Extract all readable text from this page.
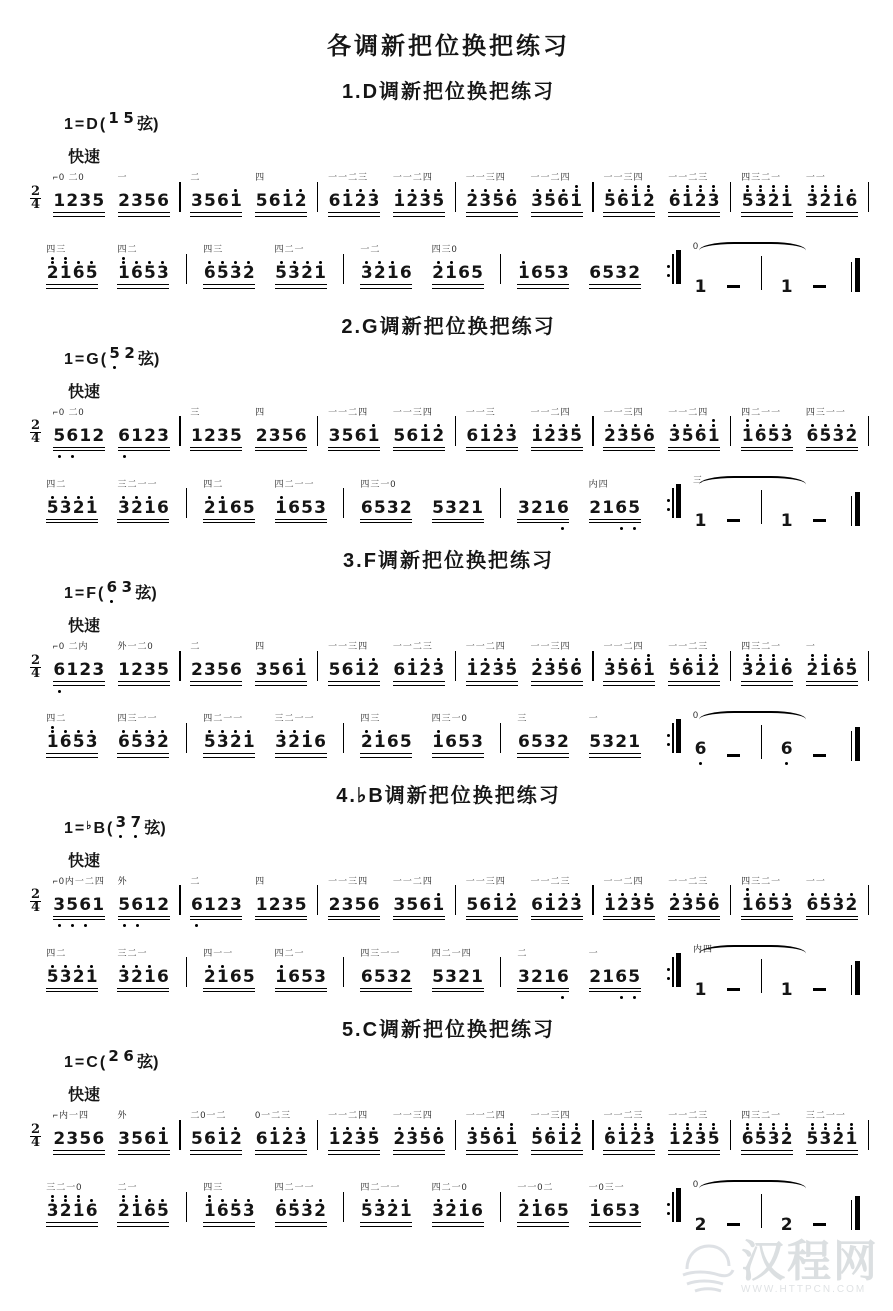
各调新把位换把练习
1.D调新把位换把练习
1 = D ( 1 5 弦)
快速
2
4
⌐0 二0
1 2 3 5
一
2 3 5 6
二
3 5 6 1
四
5 6 1 2
一一二三
6 1 2 3
一一二四
1 2 3 5
一一三四
2 3 5 6
一一二四
3 5 6 1
一一三四
5 6 1 2
一一二三
6 1 2 3
四三二一
5 3 2 1
一一
3 2 1 6
四三
2 1 6 5
四二
1 6 5 3
四三
6 5 3 2
四二一
5 3 2 1
一二
3 2 1 6
四三0
2 1 6 5
1 6 5 3
6 5 3 2
0
1	1
2.G调新把位换把练习
1 = G ( 5 2 弦)
快速
2
4
⌐0 二0
5 6 1 2
6 1 2 3
三
1 2 3 5
四
2 3 5 6
一一二四
3 5 6 1
一一三四
5 6 1 2
一一三
6 1 2 3
一一二四
1 2 3 5
一一三四
2 3 5 6
一一二四
3 5 6 1
四二一一
1 6 5 3
四三一一
6 5 3 2
四二
5 3 2 1
三二一一
3 2 1 6
四二
2 1 6 5
四二一一
1 6 5 3
四三一0
6 5 3 2
5 3 2 1
3 2 1 6
内四
2 1 6 5
三
1	1
3.F调新把位换把练习
1 = F ( 6 3 弦)
快速
2
4
⌐0 二内
6 1 2 3
外一二0
1 2 3 5
二
2 3 5 6
四
3 5 6 1
一一三四
5 6 1 2
一一二三
6 1 2 3
一一二四
1 2 3 5
一一三四
2 3 5 6
一一二四
3 5 6 1
一一二三
5 6 1 2
四三二一
3 2 1 6
一
2 1 6 5
四二
1 6 5 3
四三一一
6 5 3 2
四二一一
5 3 2 1
三二一一
3 2 1 6
四三
2 1 6 5
四三一0
1 6 5 3
三
6 5 3 2
一
5 3 2 1
0
6	6
4.♭B调新把位换把练习
1 = ♭ B ( 3 7 弦)
快速
2
4
⌐0内一二四
3 5 6 1
外
5 6 1 2
二
6 1 2 3
四
1 2 3 5
一一三四
2 3 5 6
一一二四
3 5 6 1
一一三四
5 6 1 2
一一二三
6 1 2 3
一一二四
1 2 3 5
一一二三
2 3 5 6
四三二一
1 6 5 3
一一
6 5 3 2
四二
5 3 2 1
三二一
3 2 1 6
四一一
2 1 6 5
四二一
1 6 5 3
四三一一
6 5 3 2
四二一四
5 3 2 1
二
3 2 1 6
一
2 1 6 5
内四
1	1
5.C调新把位换把练习
1 = C ( 2 6 弦)
快速
2
4
⌐内一四
2 3 5 6
外
3 5 6 1
二0一二
5 6 1 2
0一二三
6 1 2 3
一一二四
1 2 3 5
一一三四
2 3 5 6
一一二四
3 5 6 1
一一三四
5 6 1 2
一一二三
6 1 2 3
一一二三
1 2 3 5
四三二一
6 5 3 2
三二一一
5 3 2 1
三二一0
3 2 1 6
二一
2 1 6 5
四三
1 6 5 3
四二一一
6 5 3 2
四二一一
5 3 2 1
四二一0
3 2 1 6
一一0二
2 1 6 5
一0三一
1 6 5 3
0
2	2
汉程网
WWW.HTTPCN.COM
